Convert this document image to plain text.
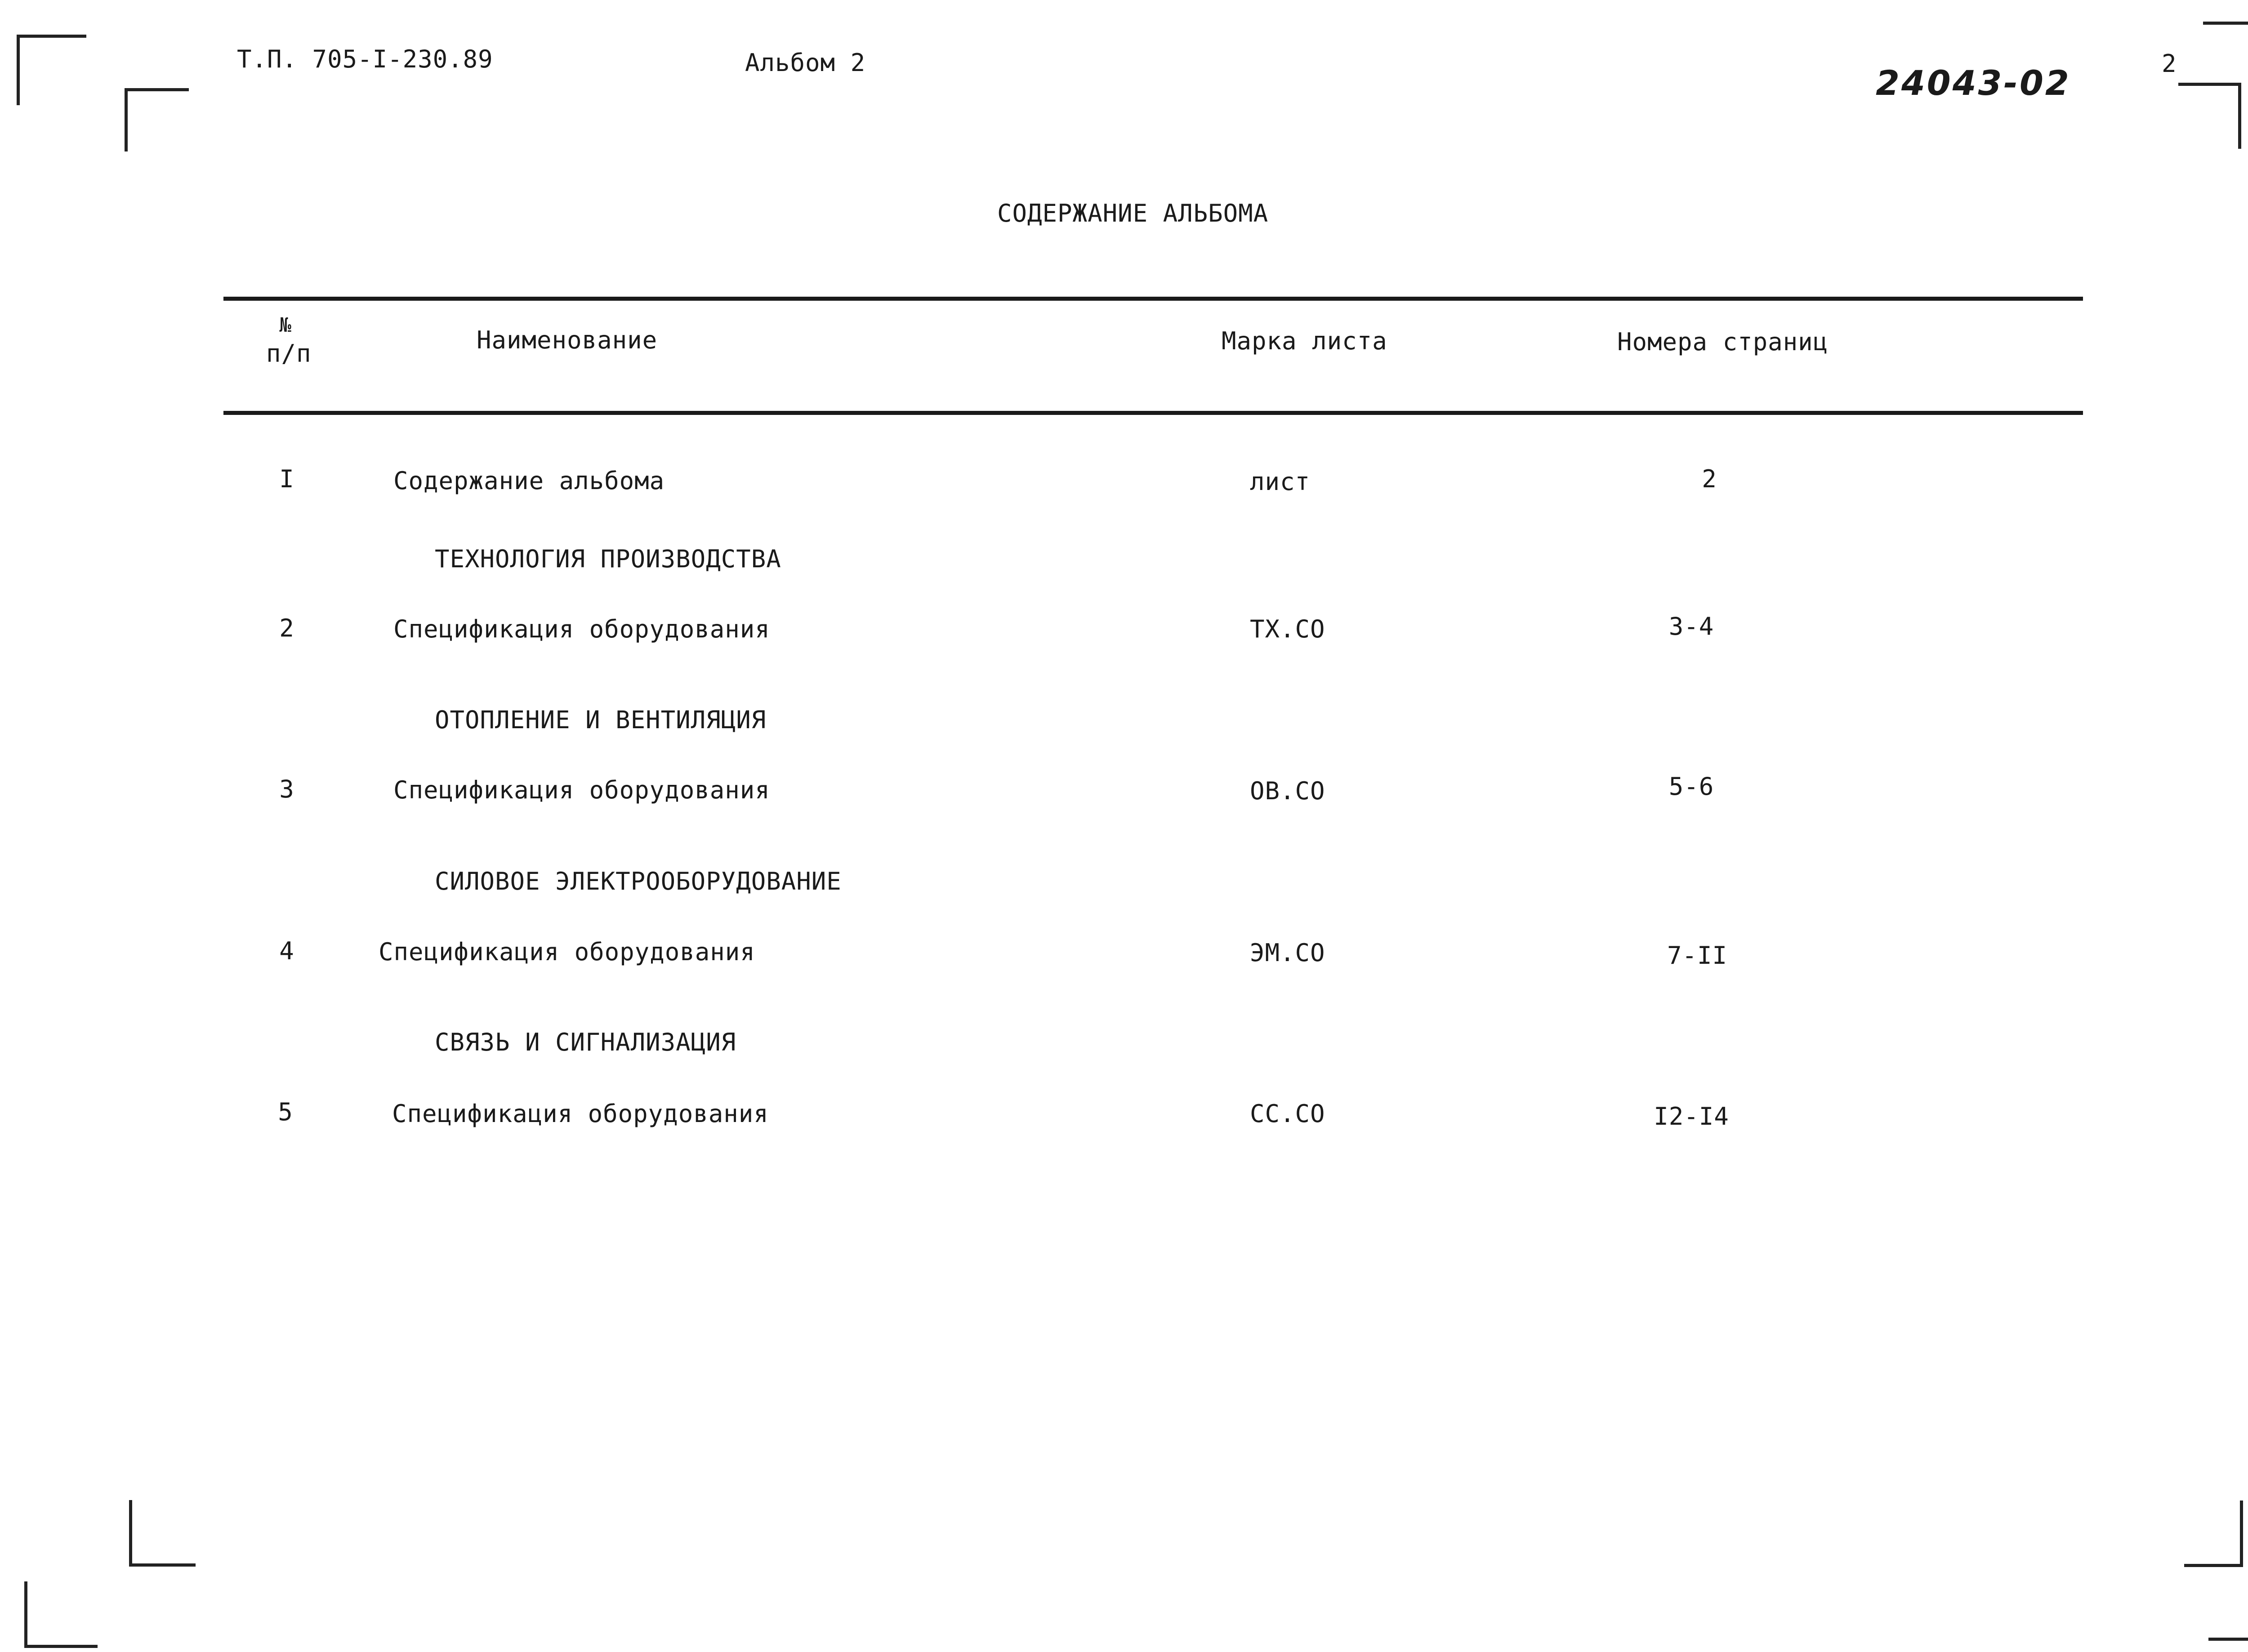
Т.П. 705-I-230.89	Альбом 2
24043-02	2
СОДЕРЖАНИЕ АЛЬБОМА
№
п/п	Наименование	Марка листа	Номера страниц
I	Содержание альбома	лист	2
ТЕХНОЛОГИЯ ПРОИЗВОДСТВА
2	Спецификация оборудования	ТХ.СО	3-4
ОТОПЛЕНИЕ И ВЕНТИЛЯЦИЯ
3	Спецификация оборудования	ОВ.СО	5-6
СИЛОВОЕ ЭЛЕКТРООБОРУДОВАНИЕ
4	Спецификация оборудования	ЭМ.СО	7-II
СВЯЗЬ И СИГНАЛИЗАЦИЯ
5	Спецификация оборудования	СС.СО	I2-I4
